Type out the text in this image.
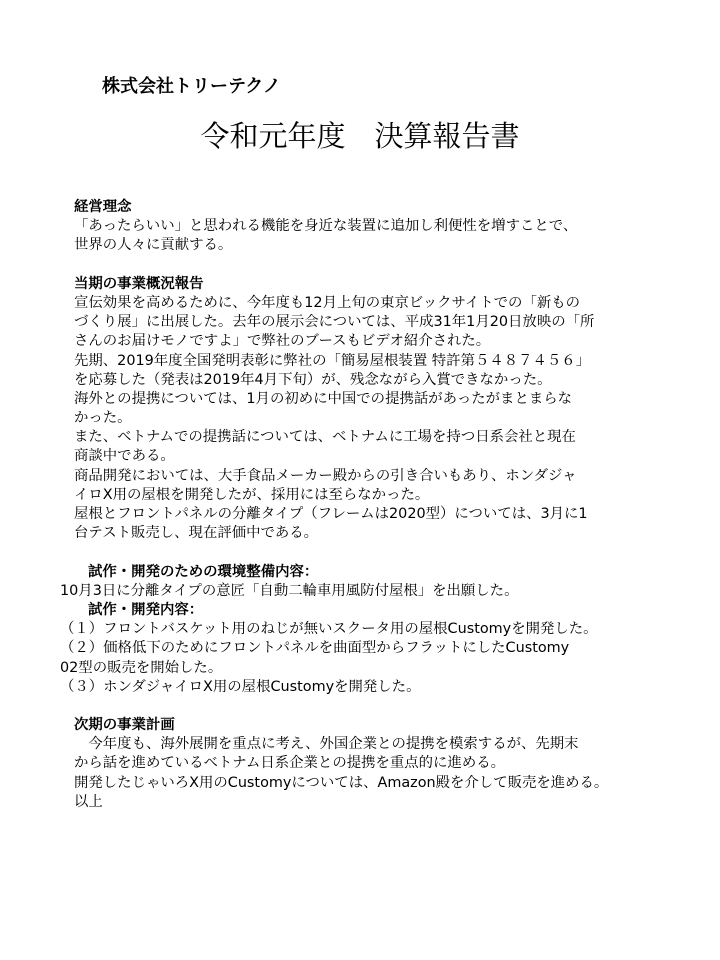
株式会社トリーテクノ
令和元年度　決算報告書
経営理念
「あったらいい」と思われる機能を身近な装置に追加し利便性を増すことで、
世界の人々に貢献する。
当期の事業概況報告
宣伝効果を高めるために、今年度も12月上旬の東京ビックサイトでの「新もの
づくり展」に出展した。去年の展示会については、平成31年1月20日放映の「所
さんのお届けモノですよ」で弊社のブースもビデオ紹介された。
先期、2019年度全国発明表彰に弊社の「簡易屋根装置 特許第５４８７４５６」
を応募した（発表は2019年4月下旬）が、残念ながら入賞できなかった。
海外との提携については、1月の初めに中国での提携話があったがまとまらな
かった。
また、ベトナムでの提携話については、ベトナムに工場を持つ日系会社と現在
商談中である。
商品開発においては、大手食品メーカー殿からの引き合いもあり、ホンダジャ
イロX用の屋根を開発したが、採用には至らなかった。
屋根とフロントパネルの分離タイプ（フレームは2020型）については、3月に1
台テスト販売し、現在評価中である。
試作・開発のための環境整備内容：
10月3日に分離タイプの意匠「自動二輪車用風防付屋根」を出願した。
試作・開発内容：
（１）フロントバスケット用のねじが無いスクータ用の屋根Customyを開発した。
（２）価格低下のためにフロントパネルを曲面型からフラットにしたCustomy
02型の販売を開始した。
（３）ホンダジャイロX用の屋根Customyを開発した。
次期の事業計画
　今年度も、海外展開を重点に考え、外国企業との提携を模索するが、先期末
から話を進めているベトナム日系企業との提携を重点的に進める。
開発したじゃいろX用のCustomyについては、Amazon殿を介して販売を進める。
以上
